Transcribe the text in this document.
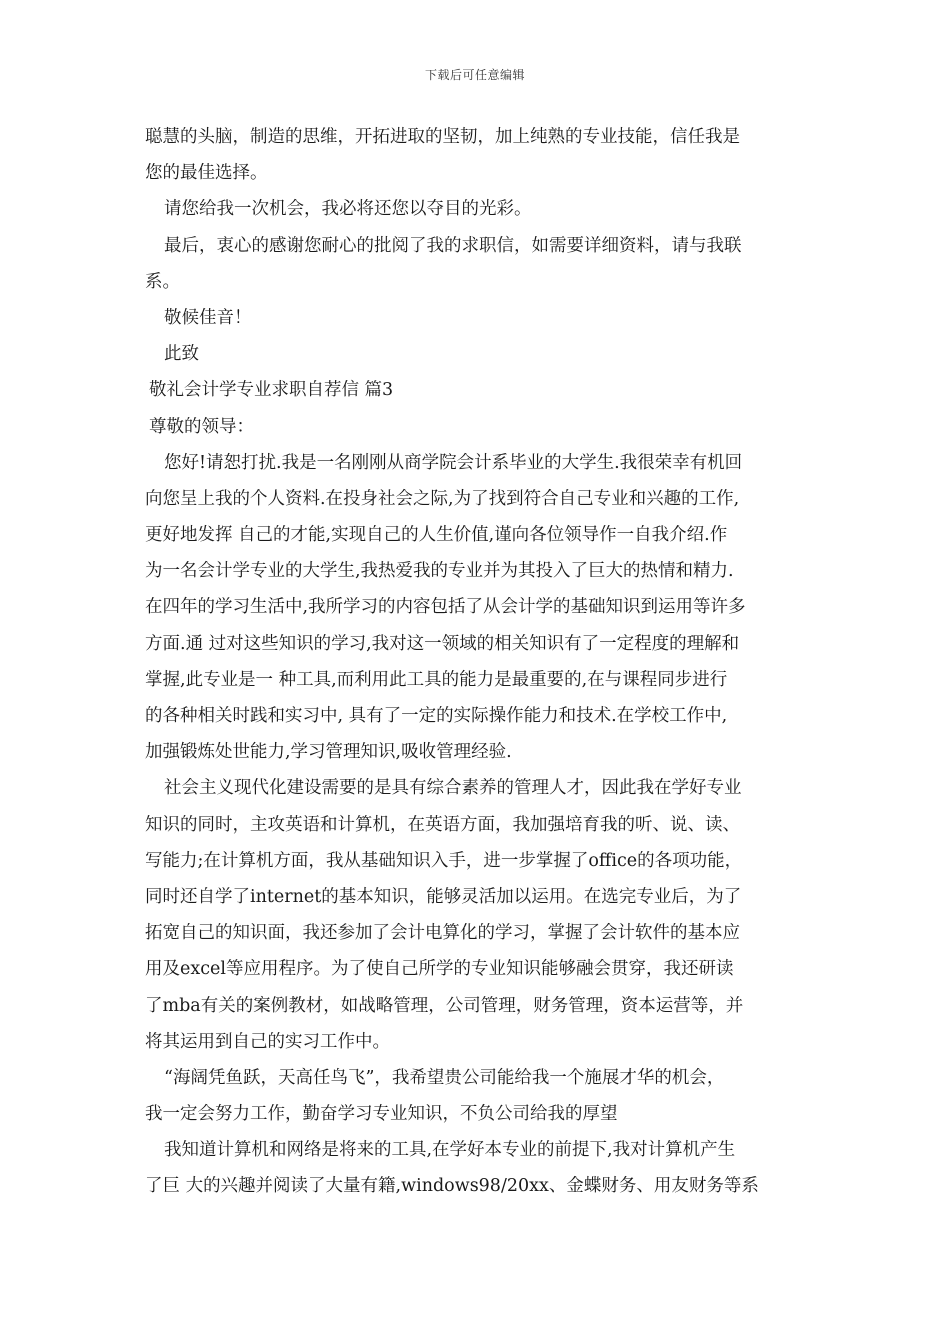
下载后可任意编辑
聪慧的头脑，制造的思维，开拓进取的坚韧，加上纯熟的专业技能，信任我是
您的最佳选择。
请您给我一次机会，我必将还您以夺目的光彩。
最后，衷心的感谢您耐心的批阅了我的求职信，如需要详细资料，请与我联
系。
敬候佳音！
此致
敬礼会计学专业求职自荐信 篇3
尊敬的领导：
您好!请恕打扰.我是一名刚刚从商学院会计系毕业的大学生.我很荣幸有机回
向您呈上我的个人资料.在投身社会之际,为了找到符合自己专业和兴趣的工作,
更好地发挥 自己的才能,实现自己的人生价值,谨向各位领导作一自我介绍.作
为一名会计学专业的大学生,我热爱我的专业并为其投入了巨大的热情和精力.
在四年的学习生活中,我所学习的内容包括了从会计学的基础知识到运用等许多
方面.通 过对这些知识的学习,我对这一领域的相关知识有了一定程度的理解和
掌握,此专业是一 种工具,而利用此工具的能力是最重要的,在与课程同步进行
的各种相关时践和实习中, 具有了一定的实际操作能力和技术.在学校工作中,
加强锻炼处世能力,学习管理知识,吸收管理经验.
社会主义现代化建设需要的是具有综合素养的管理人才，因此我在学好专业
知识的同时，主攻英语和计算机，在英语方面，我加强培育我的听、说、读、
写能力;在计算机方面，我从基础知识入手，进一步掌握了office的各项功能，
同时还自学了internet的基本知识，能够灵活加以运用。在选完专业后，为了
拓宽自己的知识面，我还参加了会计电算化的学习，掌握了会计软件的基本应
用及excel等应用程序。为了使自己所学的专业知识能够融会贯穿，我还研读
了mba有关的案例教材，如战略管理，公司管理，财务管理，资本运营等，并
将其运用到自己的实习工作中。
“海阔凭鱼跃，天高任鸟飞”，我希望贵公司能给我一个施展才华的机会，
我一定会努力工作，勤奋学习专业知识，不负公司给我的厚望
我知道计算机和网络是将来的工具,在学好本专业的前提下,我对计算机产生
了巨 大的兴趣并阅读了大量有籍,windows98/20xx、金蝶财务、用友财务等系
